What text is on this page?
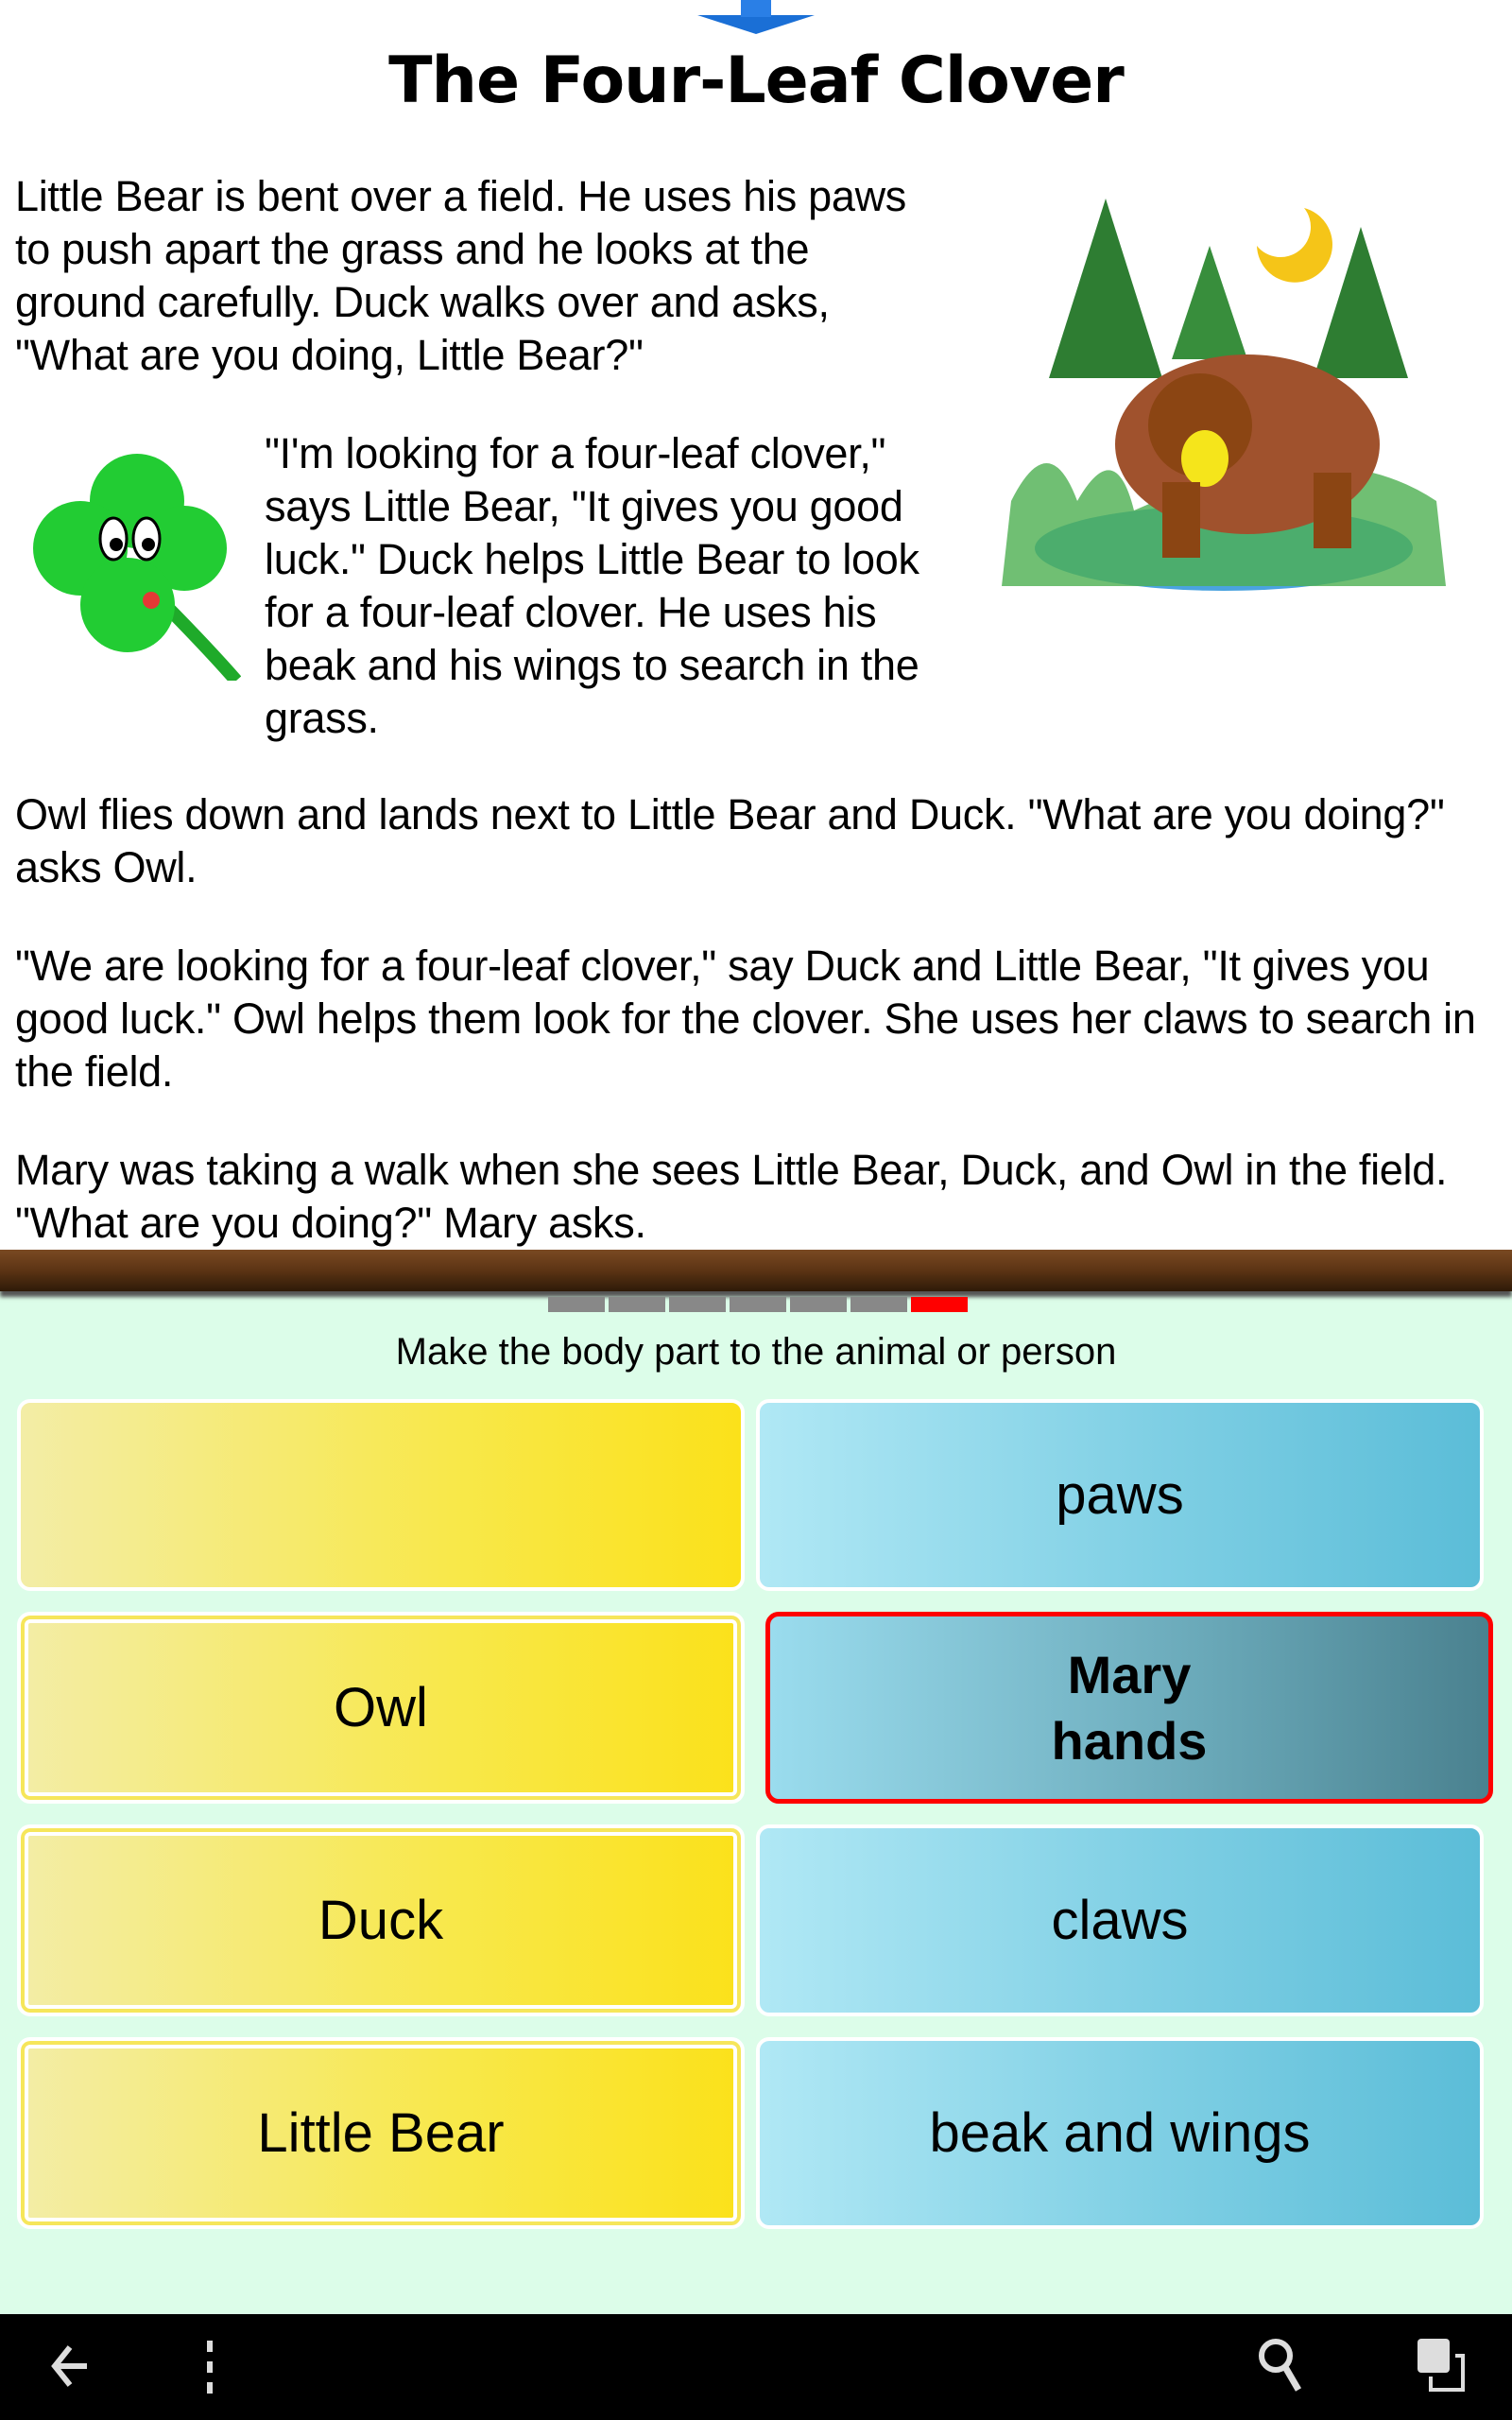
The Four-Leaf Clover
Little Bear is bent over a field. He uses his paws to push apart the grass and he looks at the ground carefully. Duck walks over and asks, "What are you doing, Little Bear?"
"I'm looking for a four-leaf clover," says Little Bear, "It gives you good luck." Duck helps Little Bear to look for a four-leaf clover. He uses his beak and his wings to search in the grass.
Owl flies down and lands next to Little Bear and Duck. "What are you doing?" asks Owl.
"We are looking for a four-leaf clover," say Duck and Little Bear, "It gives you good luck." Owl helps them look for the clover. She uses her claws to search in the field.
Mary was taking a walk when she sees Little Bear, Duck, and Owl in the field. "What are you doing?" Mary asks.
Make the body part to the animal or person
Owl
Duck
Little Bear
paws
Mary
hands
claws
beak and wings
